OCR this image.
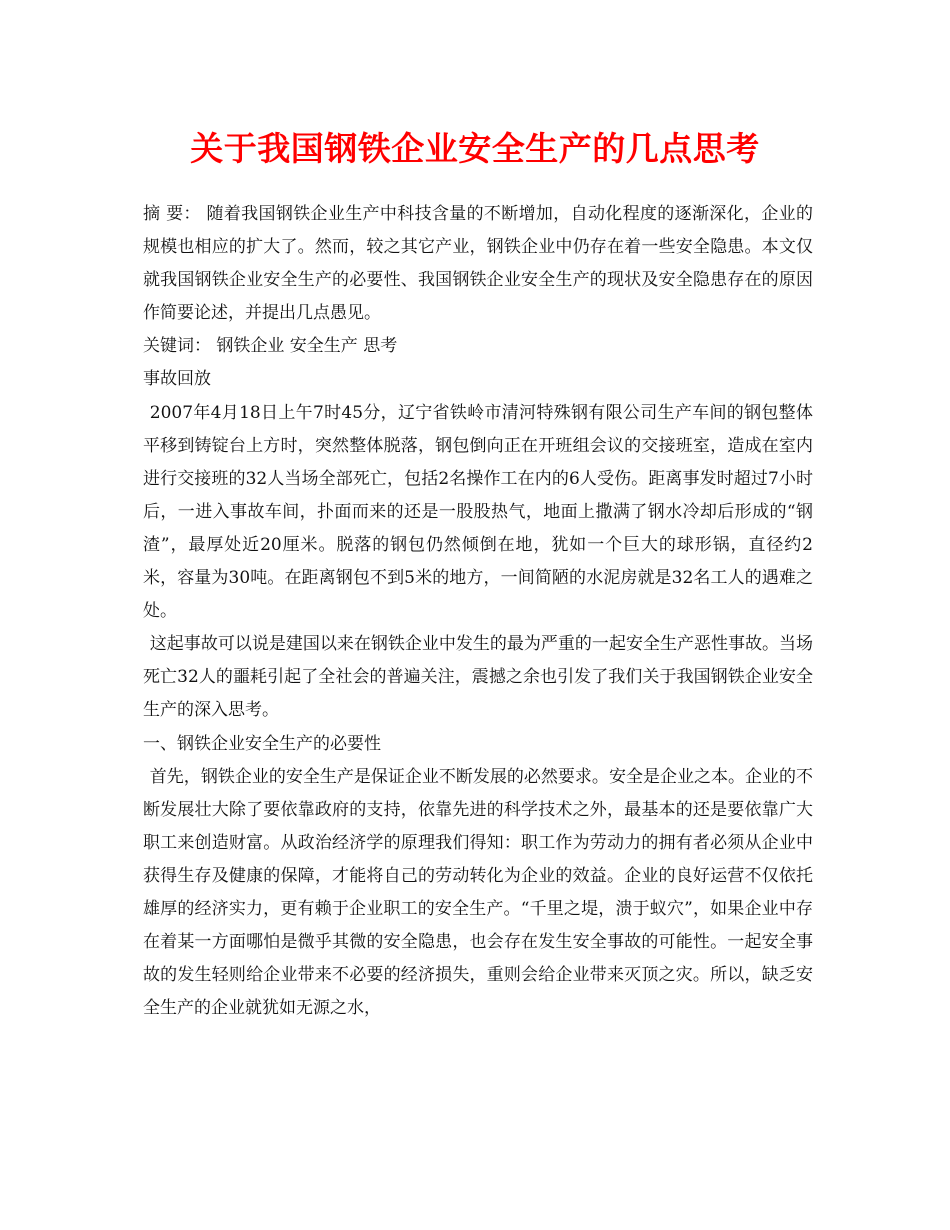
关于我国钢铁企业安全生产的几点思考

摘 要： 随着我国钢铁企业生产中科技含量的不断增加，自动化程度的逐渐深化，企业的规模也相应的扩大了。然而，较之其它产业，钢铁企业中仍存在着一些安全隐患。本文仅就我国钢铁企业安全生产的必要性、我国钢铁企业安全生产的现状及安全隐患存在的原因作简要论述，并提出几点愚见。

关键词： 钢铁企业 安全生产 思考

事故回放

2007年4月18日上午7时45分，辽宁省铁岭市清河特殊钢有限公司生产车间的钢包整体平移到铸锭台上方时，突然整体脱落，钢包倒向正在开班组会议的交接班室，造成在室内进行交接班的32人当场全部死亡，包括2名操作工在内的6人受伤。距离事发时超过7小时后，一进入事故车间，扑面而来的还是一股股热气，地面上撒满了钢水冷却后形成的“钢渣”，最厚处近20厘米。脱落的钢包仍然倾倒在地，犹如一个巨大的球形锅，直径约2米，容量为30吨。在距离钢包不到5米的地方，一间简陋的水泥房就是32名工人的遇难之处。

这起事故可以说是建国以来在钢铁企业中发生的最为严重的一起安全生产恶性事故。当场死亡32人的噩耗引起了全社会的普遍关注，震撼之余也引发了我们关于我国钢铁企业安全生产的深入思考。

一、钢铁企业安全生产的必要性

首先，钢铁企业的安全生产是保证企业不断发展的必然要求。安全是企业之本。企业的不断发展壮大除了要依靠政府的支持，依靠先进的科学技术之外，最基本的还是要依靠广大职工来创造财富。从政治经济学的原理我们得知：职工作为劳动力的拥有者必须从企业中获得生存及健康的保障，才能将自己的劳动转化为企业的效益。企业的良好运营不仅依托雄厚的经济实力，更有赖于企业职工的安全生产。“千里之堤，溃于蚁穴”，如果企业中存在着某一方面哪怕是微乎其微的安全隐患，也会存在发生安全事故的可能性。一起安全事故的发生轻则给企业带来不必要的经济损失，重则会给企业带来灭顶之灾。所以，缺乏安全生产的企业就犹如无源之水，
